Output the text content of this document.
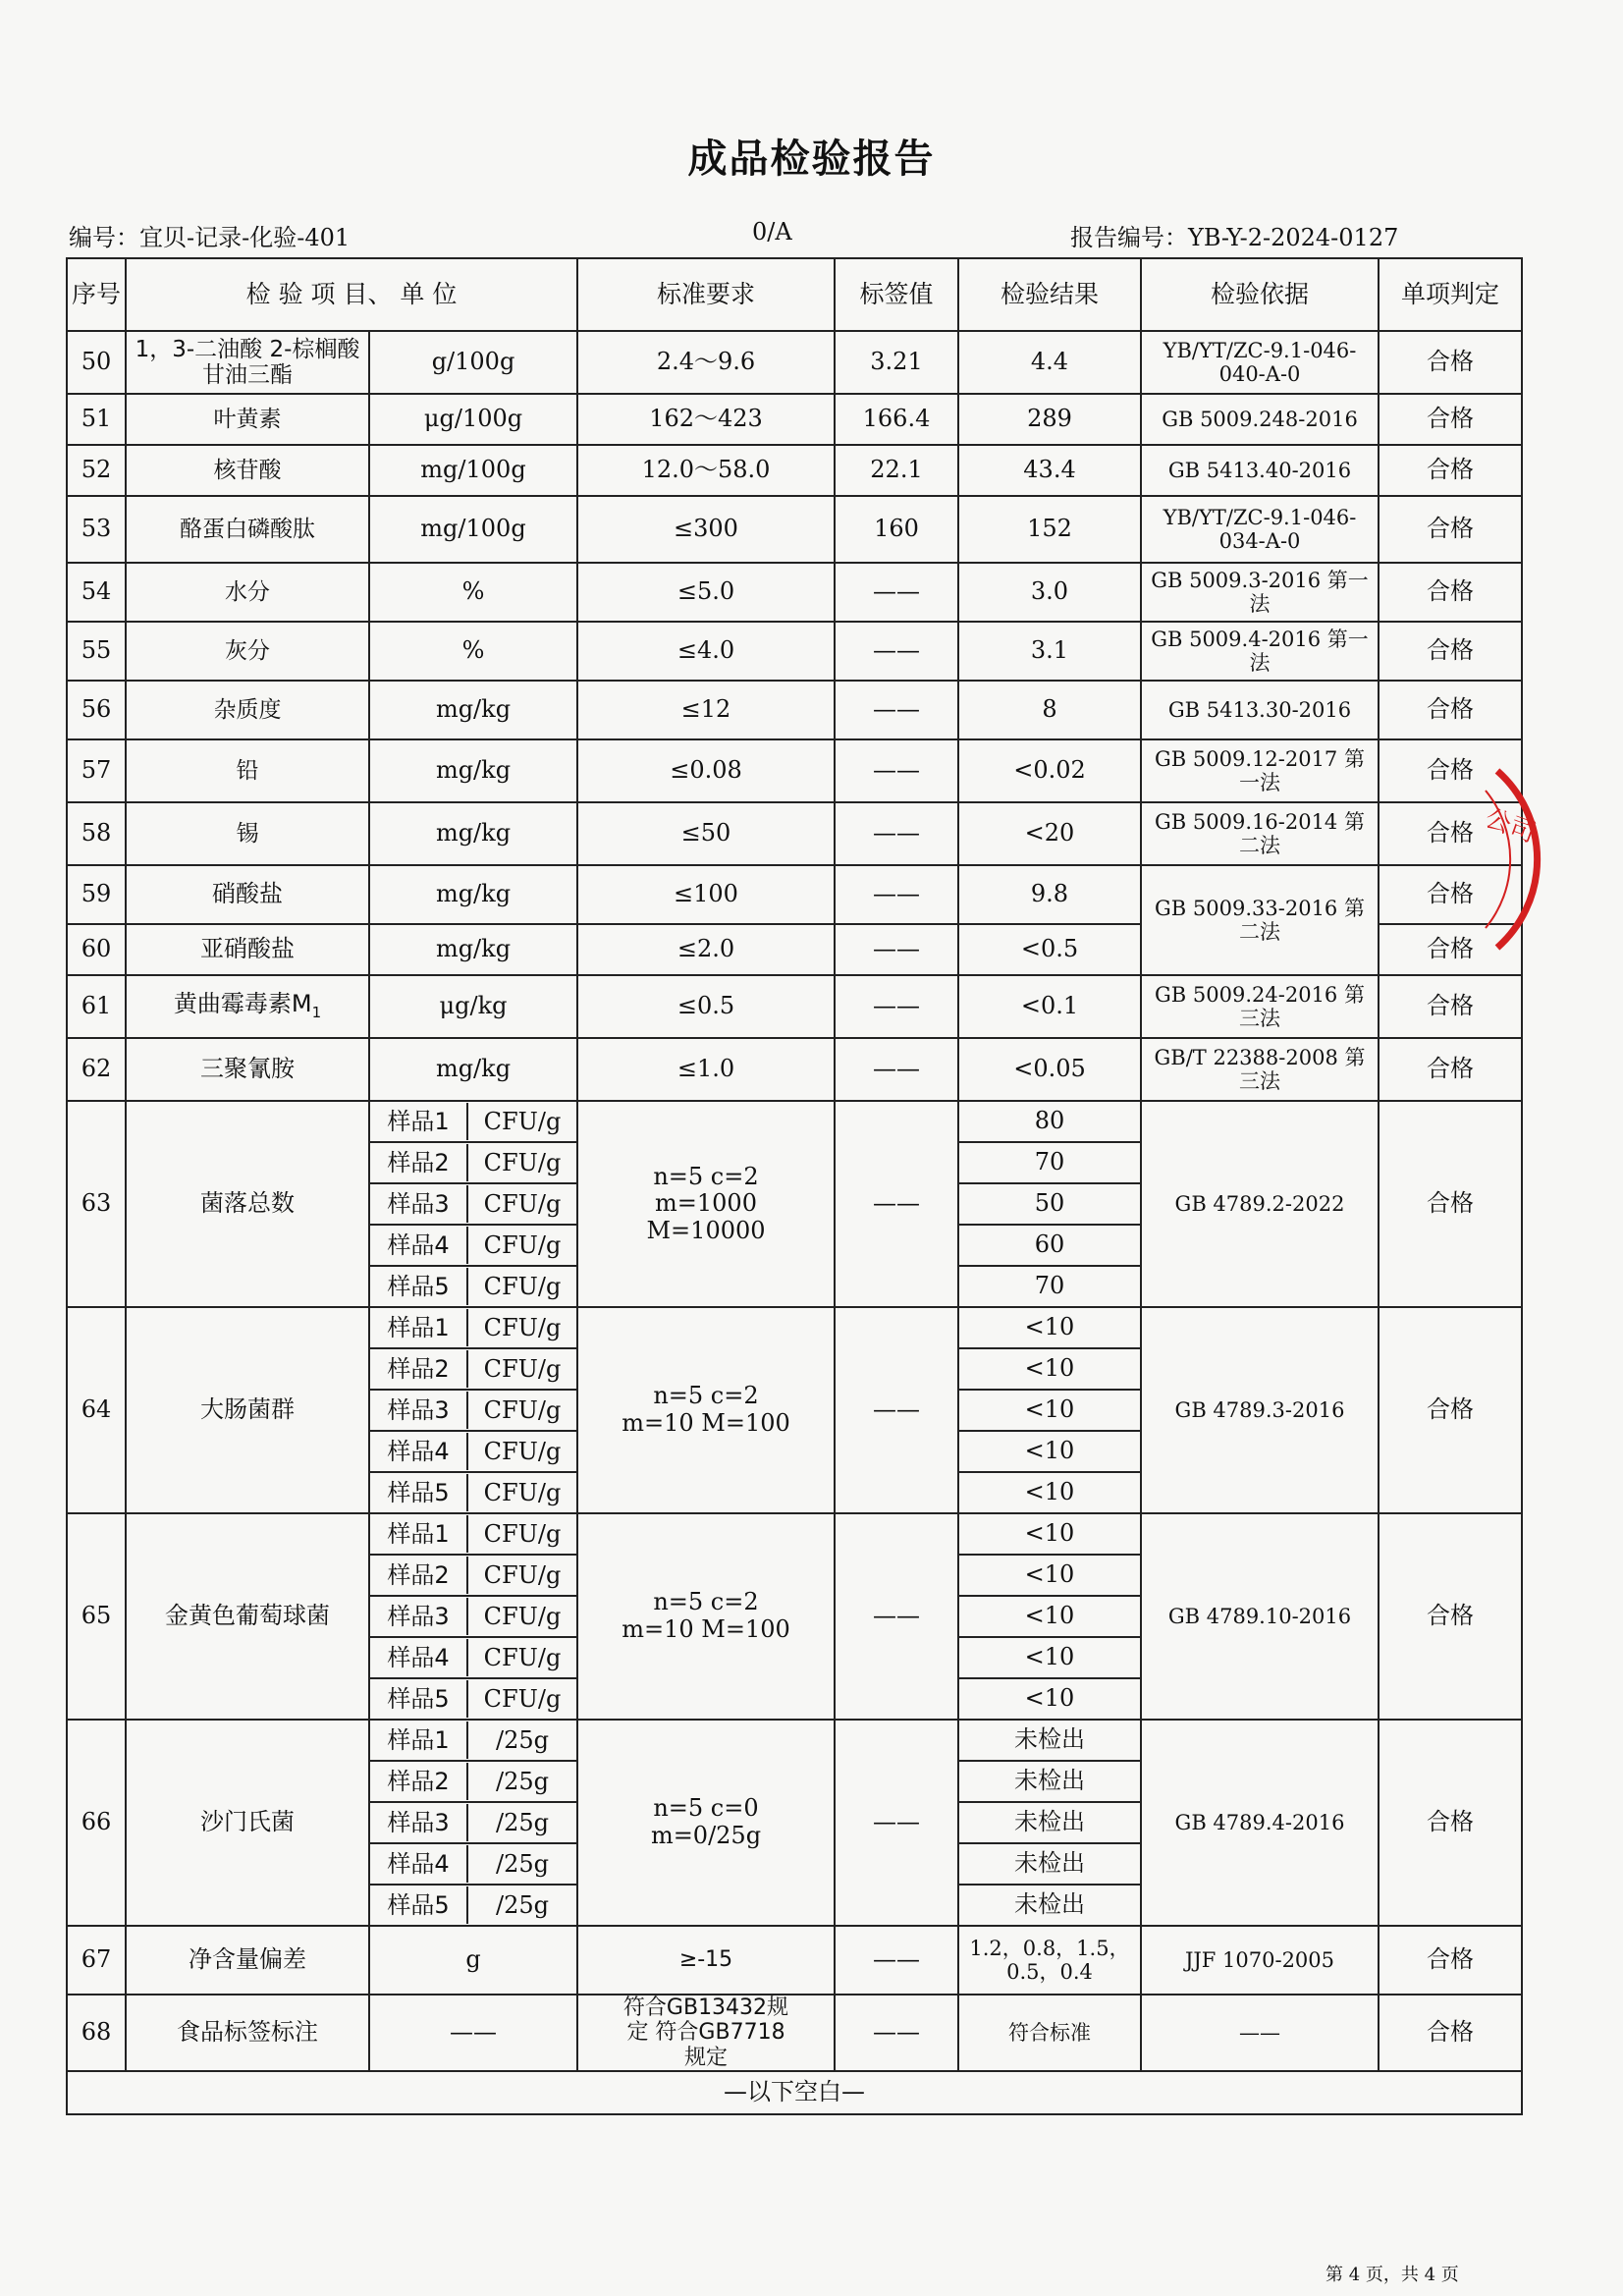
成品检验报告
编号：宜贝-记录-化验-401	0/A	报告编号：YB-Y-2-2024-0127
序号	检 验 项 目、 单 位		标准要求	标签值	检验结果	检验依据	单项判定
50	1，3-二油酸 2-棕榈酸甘油三酯	g/100g	2.4～9.6	3.21	4.4	YB/YT/ZC-9.1-046-040-A-0	合格
51	叶黄素	μg/100g	162～423	166.4	289	GB 5009.248-2016	合格
52	核苷酸	mg/100g	12.0～58.0	22.1	43.4	GB 5413.40-2016	合格
53	酪蛋白磷酸肽	mg/100g	≤300	160	152	YB/YT/ZC-9.1-046-034-A-0	合格
54	水分	%	≤5.0	——	3.0	GB 5009.3-2016 第一法	合格
55	灰分	%	≤4.0	——	3.1	GB 5009.4-2016 第一法	合格
56	杂质度	mg/kg	≤12	——	8	GB 5413.30-2016	合格
57	铅	mg/kg	≤0.08	——	<0.02	GB 5009.12-2017 第一法	合格
58	锡	mg/kg	≤50	——	<20	GB 5009.16-2014 第二法	合格
59	硝酸盐	mg/kg	≤100	——	9.8	GB 5009.33-2016 第二法	合格
60	亚硝酸盐	mg/kg	≤2.0	——	<0.5		合格
61	黄曲霉毒素$M_1$	μg/kg	≤0.5	——	<0.1	GB 5009.24-2016 第三法	合格
62	三聚氰胺	mg/kg	≤1.0	——	<0.05	GB/T 22388-2008 第三法	合格
63	菌落总数	样品1 CFU/g	n=5 c=2 m=1000 M=10000	——	80	GB 4789.2-2022	合格

		样品2 CFU/g			70		

		样品3 CFU/g			50		

		样品4 CFU/g			60		

		样品5 CFU/g			70		
64	大肠菌群	样品1 CFU/g	n=5 c=2 m=10 M=100	——	<10	GB 4789.3-2016	合格

		样品2 CFU/g			<10		

		样品3 CFU/g			<10		

		样品4 CFU/g			<10		

		样品5 CFU/g			<10		
65	金黄色葡萄球菌	样品1 CFU/g	n=5 c=2 m=10 M=100	——	<10	GB 4789.10-2016	合格

		样品2 CFU/g			<10		

		样品3 CFU/g			<10		

		样品4 CFU/g			<10		

		样品5 CFU/g			<10		
66	沙门氏菌	样品1 /25g	n=5 c=0 m=0/25g	——	未检出	GB 4789.4-2016	合格

		样品2 /25g			未检出		

		样品3 /25g			未检出		

		样品4 /25g			未检出		

		样品5 /25g			未检出		
67	净含量偏差	g	≥-15	——	1.2，0.8，1.5，0.5，0.4	JJF 1070-2005	合格
68	食品标签标注	——	符合GB13432规定 符合GB7718规定	——	符合标准	——	合格
—以下空白—							
公司
第 4 页，共 4 页
